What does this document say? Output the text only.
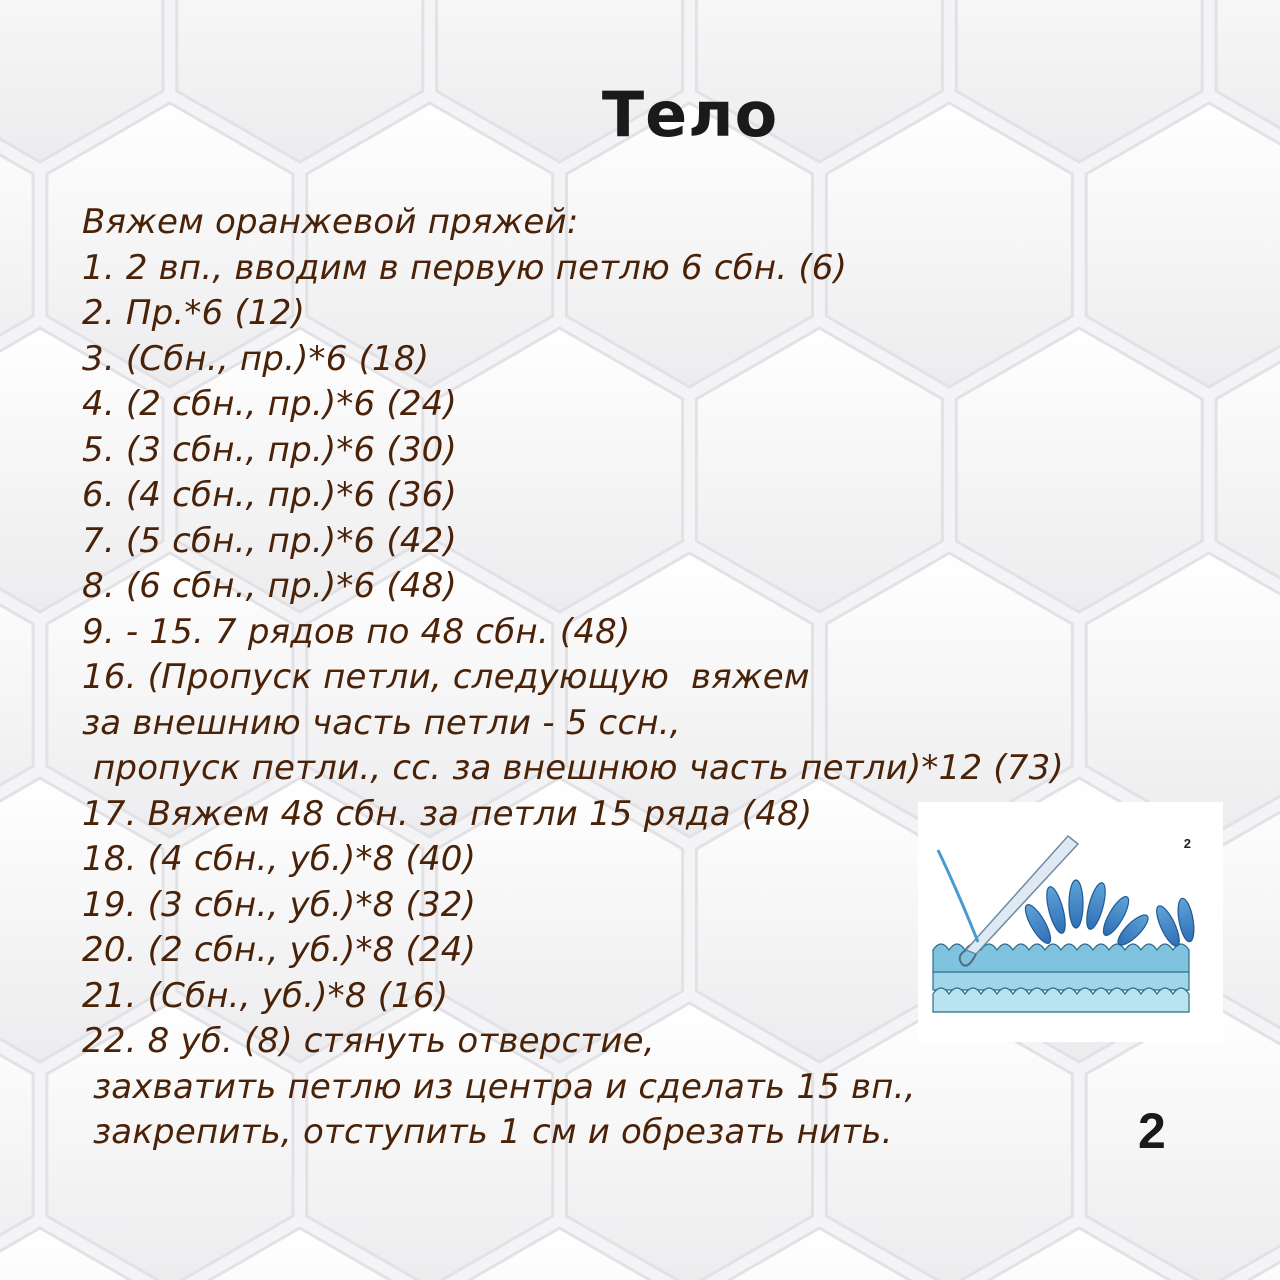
Тело
Вяжем оранжевой пряжей:
1. 2 вп., вводим в первую петлю 6 сбн. (6)
2. Пр.*6 (12)
3. (Сбн., пр.)*6 (18)
4. (2 сбн., пр.)*6 (24)
5. (3 сбн., пр.)*6 (30)
6. (4 сбн., пр.)*6 (36)
7. (5 сбн., пр.)*6 (42)
8. (6 сбн., пр.)*6 (48)
9. - 15. 7 рядов по 48 сбн. (48)
16. (Пропуск петли, следующую  вяжем
за внешнию часть петли - 5 ссн.,
пропуск петли., сс. за внешнюю часть петли)*12 (73)
17. Вяжем 48 сбн. за петли 15 ряда (48)
18. (4 сбн., уб.)*8 (40)
19. (3 сбн., уб.)*8 (32)
20. (2 сбн., уб.)*8 (24)
21. (Сбн., уб.)*8 (16)
22. 8 уб. (8) стянуть отверстие,
захватить петлю из центра и сделать 15 вп.,
закрепить, отступить 1 см и обрезать нить.
2
2
